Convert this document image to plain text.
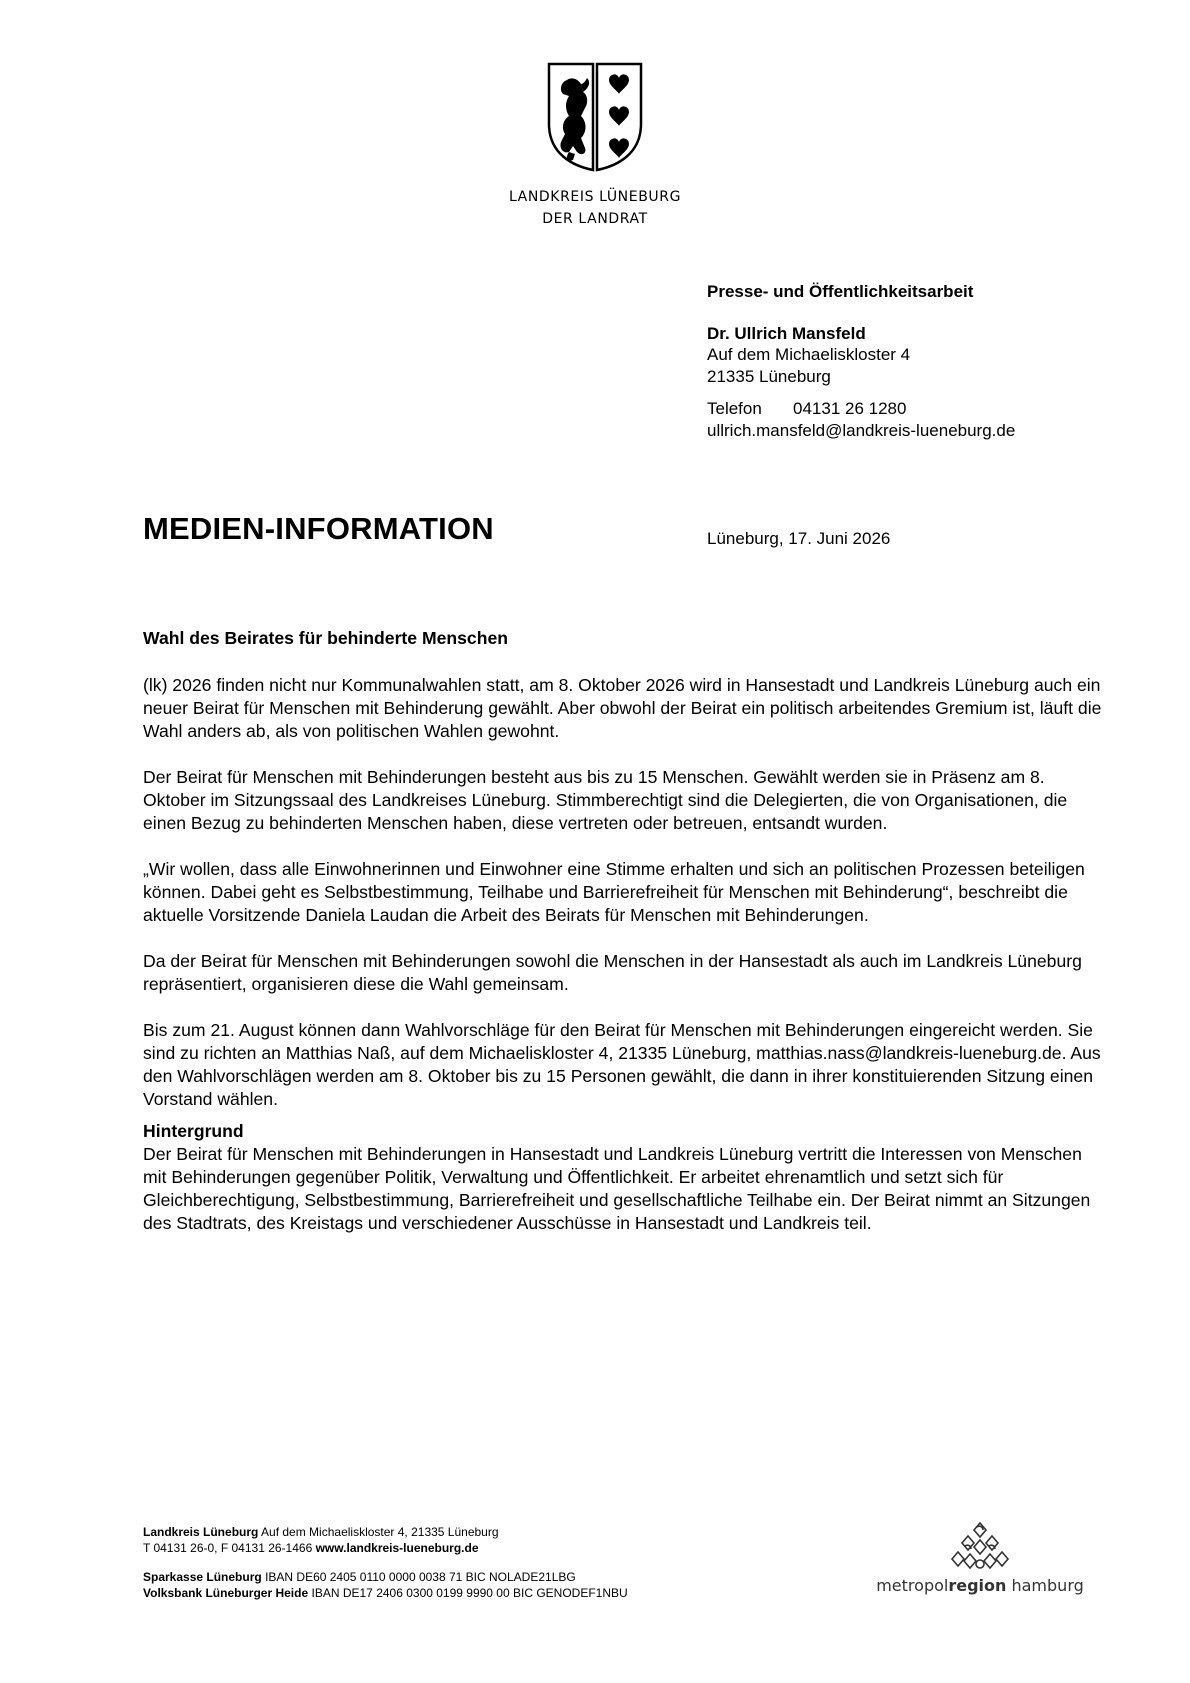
LANDKREIS LÜNEBURG
DER LANDRAT
Presse- und Öffentlichkeitsarbeit
Dr. Ullrich Mansfeld
Auf dem Michaeliskloster 4
21335 Lüneburg
Telefon 04131 26 1280
ullrich.mansfeld@landkreis-lueneburg.de
MEDIEN-INFORMATION	Lüneburg, 17. Juni 2026
Wahl des Beirates für behinderte Menschen

(lk) 2026 finden nicht nur Kommunalwahlen statt, am 8. Oktober 2026 wird in Hansestadt und Landkreis Lüneburg auch ein neuer Beirat für Menschen mit Behinderung gewählt. Aber obwohl der Beirat ein politisch arbeitendes Gremium ist, läuft die Wahl anders ab, als von politischen Wahlen gewohnt.

Der Beirat für Menschen mit Behinderungen besteht aus bis zu 15 Menschen. Gewählt werden sie in Präsenz am 8. Oktober im Sitzungssaal des Landkreises Lüneburg. Stimmberechtigt sind die Delegierten, die von Organisationen, die einen Bezug zu behinderten Menschen haben, diese vertreten oder betreuen, entsandt wurden.

„Wir wollen, dass alle Einwohnerinnen und Einwohner eine Stimme erhalten und sich an politischen Prozessen beteiligen können. Dabei geht es Selbstbestimmung, Teilhabe und Barrierefreiheit für Menschen mit Behinderung“, beschreibt die aktuelle Vorsitzende Daniela Laudan die Arbeit des Beirats für Menschen mit Behinderungen.

Da der Beirat für Menschen mit Behinderungen sowohl die Menschen in der Hansestadt als auch im Landkreis Lüneburg repräsentiert, organisieren diese die Wahl gemeinsam.

Bis zum 21. August können dann Wahlvorschläge für den Beirat für Menschen mit Behinderungen eingereicht werden. Sie sind zu richten an Matthias Naß, auf dem Michaeliskloster 4, 21335 Lüneburg, matthias.nass@landkreis-lueneburg.de. Aus den Wahlvorschlägen werden am 8. Oktober bis zu 15 Personen gewählt, die dann in ihrer konstituierenden Sitzung einen Vorstand wählen.

Hintergrund

Der Beirat für Menschen mit Behinderungen in Hansestadt und Landkreis Lüneburg vertritt die Interessen von Menschen mit Behinderungen gegenüber Politik, Verwaltung und Öffentlichkeit. Er arbeitet ehrenamtlich und setzt sich für Gleichberechtigung, Selbstbestimmung, Barrierefreiheit und gesellschaftliche Teilhabe ein. Der Beirat nimmt an Sitzungen des Stadtrats, des Kreistags und verschiedener Ausschüsse in Hansestadt und Landkreis teil.

Landkreis Lüneburg Auf dem Michaeliskloster 4, 21335 Lüneburg
T 04131 26-0, F 04131 26-1466 www.landkreis-lueneburg.de
Sparkasse Lüneburg IBAN DE60 2405 0110 0000 0038 71 BIC NOLADE21LBG
Volksbank Lüneburger Heide IBAN DE17 2406 0300 0199 9990 00 BIC GENODEF1NBU	metropolregion hamburg
